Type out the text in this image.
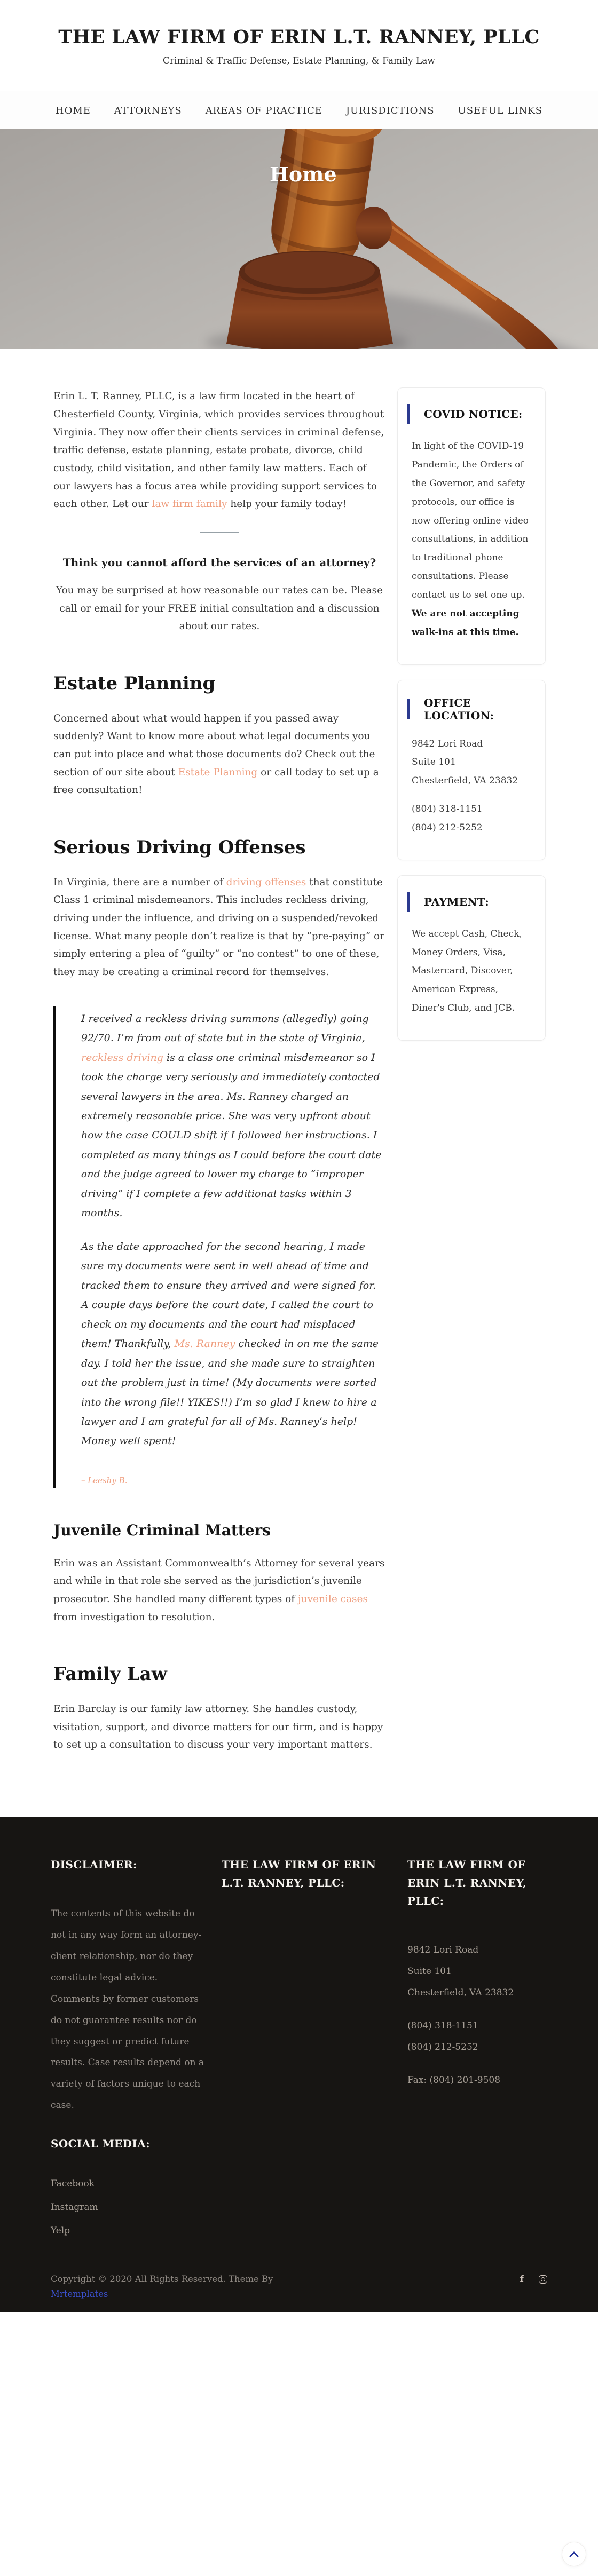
THE LAW FIRM OF ERIN L.T. RANNEY, PLLC

Criminal & Traffic Defense, Estate Planning, & Family Law

HOME ATTORNEYS AREAS OF PRACTICE JURISDICTIONS USEFUL LINKS
Home

Erin L. T. Ranney, PLLC, is a law firm located in the heart of Chesterfield County, Virginia, which provides services throughout Virginia. They now offer their clients services in criminal defense, traffic defense, estate planning, estate probate, divorce, child custody, child visitation, and other family law matters. Each of our lawyers has a focus area while providing support services to each other. Let our law firm family help your family today!

Think you cannot afford the services of an attorney?

You may be surprised at how reasonable our rates can be. Please call or email for your FREE initial consultation and a discussion about our rates.

Estate Planning

Concerned about what would happen if you passed away suddenly? Want to know more about what legal documents you can put into place and what those documents do? Check out the section of our site about Estate Planning or call today to set up a free consultation!

Serious Driving Offenses

In Virginia, there are a number of driving offenses that constitute Class 1 criminal misdemeanors. This includes reckless driving, driving under the influence, and driving on a suspended/revoked license. What many people don’t realize is that by “pre-paying” or simply entering a plea of “guilty” or “no contest” to one of these, they may be creating a criminal record for themselves.

I received a reckless driving summons (allegedly) going 92/70. I’m from out of state but in the state of Virginia, reckless driving is a class one criminal misdemeanor so I took the charge very seriously and immediately contacted several lawyers in the area. Ms. Ranney charged an extremely reasonable price. She was very upfront about how the case COULD shift if I followed her instructions. I completed as many things as I could before the court date and the judge agreed to lower my charge to “improper driving” if I complete a few additional tasks within 3 months.

As the date approached for the second hearing, I made sure my documents were sent in well ahead of time and tracked them to ensure they arrived and were signed for. A couple days before the court date, I called the court to check on my documents and the court had misplaced them! Thankfully, Ms. Ranney checked in on me the same day. I told her the issue, and she made sure to straighten out the problem just in time! (My documents were sorted into the wrong file!! YIKES!!) I’m so glad I knew to hire a lawyer and I am grateful for all of Ms. Ranney’s help! Money well spent!

– Leeshy B.
Juvenile Criminal Matters

Erin was an Assistant Commonwealth’s Attorney for several years and while in that role she served as the jurisdiction’s juvenile prosecutor. She handled many different types of juvenile cases from investigation to resolution.

Family Law

Erin Barclay is our family law attorney. She handles custody, visitation, support, and divorce matters for our firm, and is happy to set up a consultation to discuss your very important matters.

COVID NOTICE:
In light of the COVID-19 Pandemic, the Orders of the Governor, and safety protocols, our office is now offering online video consultations, in addition to traditional phone consultations. Please contact us to set one up. We are not accepting walk-ins at this time.
OFFICE LOCATION:
9842 Lori Road
Suite 101
Chesterfield, VA 23832
(804) 318-1151
(804) 212-5252
PAYMENT:
We accept Cash, Check, Money Orders, Visa, Mastercard, Discover, American Express, Diner's Club, and JCB.
DISCLAIMER:

The contents of this website do not in any way form an attorney-client relationship, nor do they constitute legal advice. Comments by former customers do not guarantee results nor do they suggest or predict future results. Case results depend on a variety of factors unique to each case.

SOCIAL MEDIA:
Facebook
Instagram
Yelp
THE LAW FIRM OF ERIN L.T. RANNEY, PLLC:
THE LAW FIRM OF ERIN L.T. RANNEY, PLLC:
9842 Lori Road
Suite 101
Chesterfield, VA 23832
(804) 318-1151
(804) 212-5252
Fax: (804) 201-9508
Copyright © 2020 All Rights Reserved. Theme By
Mrtemplates
f
